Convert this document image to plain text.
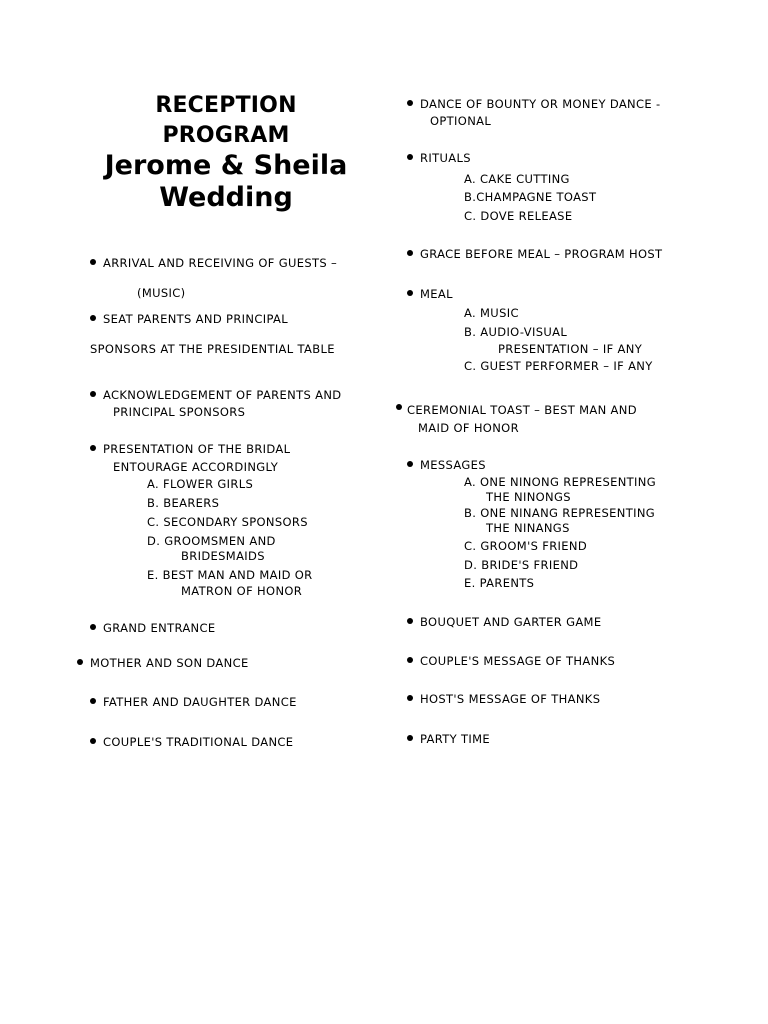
RECEPTION
PROGRAM
Jerome & Sheila
Wedding
ARRIVAL AND RECEIVING OF GUESTS –
(MUSIC)
SEAT PARENTS AND PRINCIPAL
SPONSORS AT THE PRESIDENTIAL TABLE
ACKNOWLEDGEMENT OF PARENTS AND
PRINCIPAL SPONSORS
PRESENTATION OF THE BRIDAL
ENTOURAGE ACCORDINGLY
A. FLOWER GIRLS
B. BEARERS
C. SECONDARY SPONSORS
D. GROOMSMEN AND
BRIDESMAIDS
E. BEST MAN AND MAID OR
MATRON OF HONOR
GRAND ENTRANCE
MOTHER AND SON DANCE
FATHER AND DAUGHTER DANCE
COUPLE'S TRADITIONAL DANCE
DANCE OF BOUNTY OR MONEY DANCE -
OPTIONAL
RITUALS
A. CAKE CUTTING
B.CHAMPAGNE TOAST
C. DOVE RELEASE
GRACE BEFORE MEAL – PROGRAM HOST
MEAL
A. MUSIC
B. AUDIO-VISUAL
PRESENTATION – IF ANY
C. GUEST PERFORMER – IF ANY
CEREMONIAL TOAST – BEST MAN AND
MAID OF HONOR
MESSAGES
A. ONE NINONG REPRESENTING
THE NINONGS
B. ONE NINANG REPRESENTING
THE NINANGS
C. GROOM'S FRIEND
D. BRIDE'S FRIEND
E. PARENTS
BOUQUET AND GARTER GAME
COUPLE'S MESSAGE OF THANKS
HOST'S MESSAGE OF THANKS
PARTY TIME
